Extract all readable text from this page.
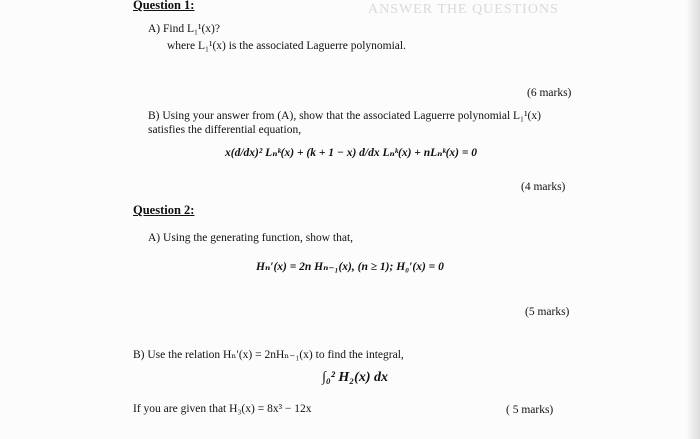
ANSWER THE QUESTIONS
Question 1:
A) Find L₁¹(x)?
where L₁¹(x) is the associated Laguerre polynomial.
(6 marks)
B) Using your answer from (A), show that the associated Laguerre polynomial L₁¹(x)
satisfies the differential equation,
x(d/dx)² Lₙᵏ(x) + (k + 1 − x) d/dx Lₙᵏ(x) + nLₙᵏ(x) = 0
(4 marks)
Question 2:
A) Using the generating function, show that,
Hₙ′(x) = 2n Hₙ₋₁(x), (n ≥ 1); H₀′(x) = 0
(5 marks)
B) Use the relation Hₙ′(x) = 2nHₙ₋₁(x) to find the integral,
∫₀² H₂(x) dx
If you are given that H₃(x) = 8x³ − 12x	( 5 marks)
